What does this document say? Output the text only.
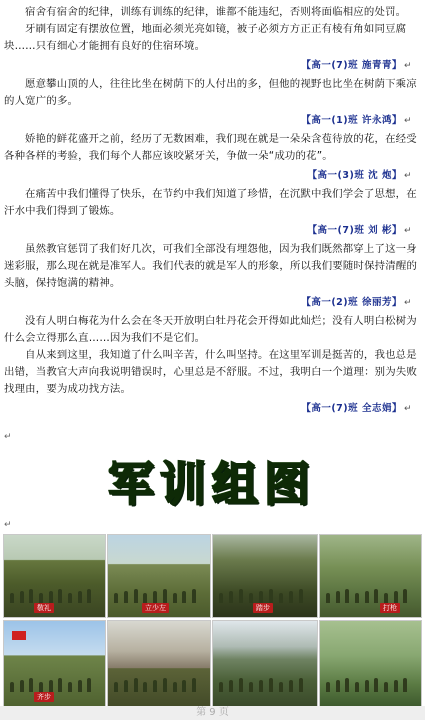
宿舍有宿舍的纪律，训练有训练的纪律，谁都不能违纪，否则将面临相应的处罚。

牙刷有固定有摆放位置，地面必须光亮如镜，被子必须方方正正有棱有角如同豆腐块……只有细心才能拥有良好的住宿环境。

【高一(7)班 施青青】 ↵

愿意攀山顶的人，往往比坐在树荫下的人付出的多，但他的视野也比坐在树荫下乘凉的人宽广的多。

【高一(1)班 许永鸿】 ↵

娇艳的鲜花盛开之前，经历了无数困难，我们现在就是一朵朵含苞待放的花，在经受各种各样的考验，我们每个人都应该咬紧牙关，争做一朵“成功的花”。

【高一(3)班 沈 炮】 ↵

在痛苦中我们懂得了快乐，在节约中我们知道了珍惜，在沉默中我们学会了思想，在汗水中我们得到了锻炼。

【高一(7)班 刘 彬】 ↵

虽然教官惩罚了我们好几次，可我们全部没有埋怨他，因为我们既然都穿上了这一身迷彩服，那么现在就是准军人。我们代表的就是军人的形象，所以我们要随时保持清醒的头脑，保持饱满的精神。

【高一(2)班 徐丽芳】 ↵

没有人明白梅花为什么会在冬天开放明白牡丹花会开得如此灿烂；没有人明白松树为什么会立得那么直……因为我们不是它们。

自从来到这里，我知道了什么叫辛苦，什么叫坚持。在这里军训是挺苦的，我也总是出错，当教官大声向我说明错误时，心里总是不舒服。不过，我明白一个道理：别为失败找理由，要为成功找方法。

【高一(7)班 全志娟】 ↵
↵
军训组图
↵
敬礼	立少左	踏步	打枪
齐步
第 9 页
